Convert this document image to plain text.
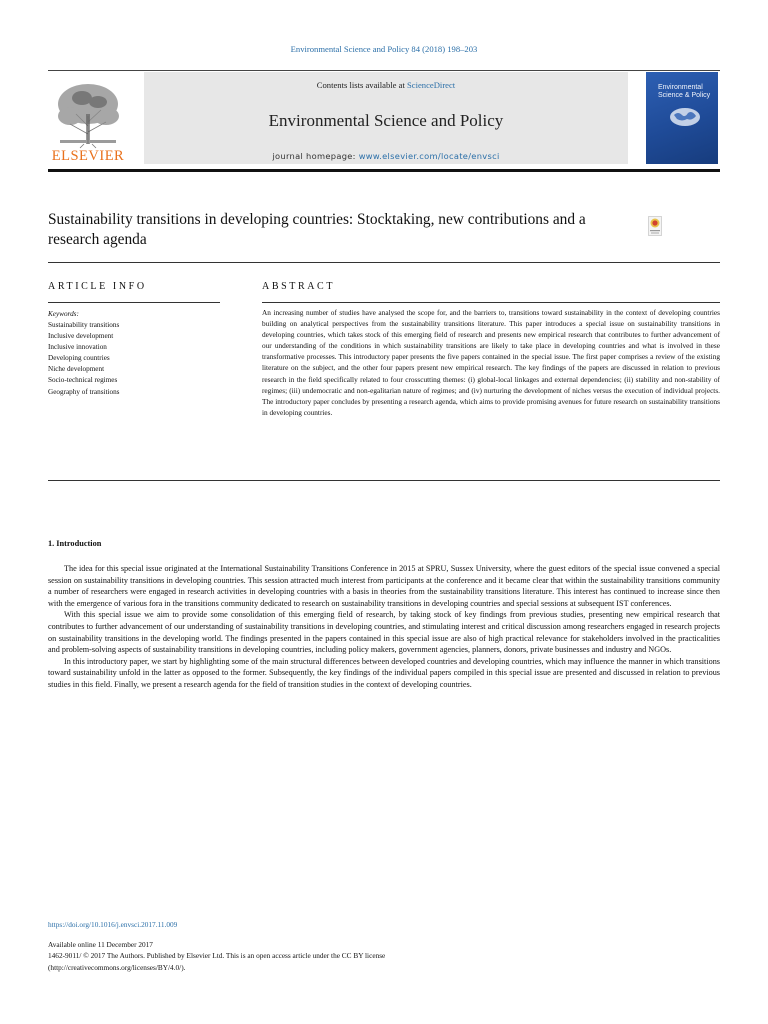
Environmental Science and Policy 84 (2018) 198–203
ELSEVIER
Contents lists available at ScienceDirect
Environmental Science and Policy
journal homepage: www.elsevier.com/locate/envsci
Environmental Science & Policy
Sustainability transitions in developing countries: Stocktaking, new contributions and a research agenda
ARTICLE INFO	ABSTRACT
Keywords:
Sustainability transitions
Inclusive development
Inclusive innovation
Developing countries
Niche development
Socio-technical regimes
Geography of transitions

An increasing number of studies have analysed the scope for, and the barriers to, transitions toward sustainability in the context of developing countries building on analytical perspectives from the sustainability transitions literature. This paper introduces a special issue on sustainability transitions in developing countries, which takes stock of this emerging field of research and presents new empirical research that contributes to further advancement of our understanding of the conditions in which sustainability transitions are likely to take place in developing countries and what is involved in these transformative processes. This introductory paper presents the five papers contained in the special issue. The first paper comprises a review of the existing literature on the subject, and the other four papers present new empirical research. The key findings of the papers are discussed in relation to previous research in the field specifically related to four crosscutting themes: (i) global-local linkages and external dependencies; (ii) stability and non-stability of regimes; (iii) undemocratic and non-egalitarian nature of regimes; and (iv) nurturing the development of niches versus the execution of individual projects. The introductory paper concludes by presenting a research agenda, which aims to provide promising avenues for future research on sustainability transitions in developing countries.

1. Introduction

The idea for this special issue originated at the International Sustainability Transitions Conference in 2015 at SPRU, Sussex University, where the guest editors of the special issue convened a special session on sustainability transitions in developing countries. This session attracted much interest from participants at the conference and it became clear that within the sustainability transitions community a number of researchers were engaged in research activities in developing countries with a basis in theories from the sustainability transitions literature. This interest has continued to increase since then with the emergence of various fora in the transitions community dedicated to research on sustainability transitions in developing countries and special sessions at subsequent IST conferences.

With this special issue we aim to provide some consolidation of this emerging field of research, by taking stock of key findings from previous studies, presenting new empirical research that contributes to further advancement of our understanding of sustainability transitions in developing countries, and stimulating interest and critical discussion among researchers engaged in research projects on sustainability transitions in the developing world. The findings presented in the papers contained in this special issue are also of high practical relevance for stakeholders involved in the practicalities and problem-solving aspects of sustainability transitions in developing countries, including policy makers, government agencies, planners, donors, private businesses and industry and NGOs.

In this introductory paper, we start by highlighting some of the main structural differences between developed countries and developing countries, which may influence the manner in which transitions toward sustainability unfold in the latter as opposed to the former. Subsequently, the key findings of the individual papers compiled in this special issue are presented and discussed in relation to previous studies in this field. Finally, we present a research agenda for the field of transition studies in the context of developing countries.

https://doi.org/10.1016/j.envsci.2017.11.009
Available online 11 December 2017
1462-9011/ © 2017 The Authors. Published by Elsevier Ltd. This is an open access article under the CC BY license
(http://creativecommons.org/licenses/BY/4.0/).
